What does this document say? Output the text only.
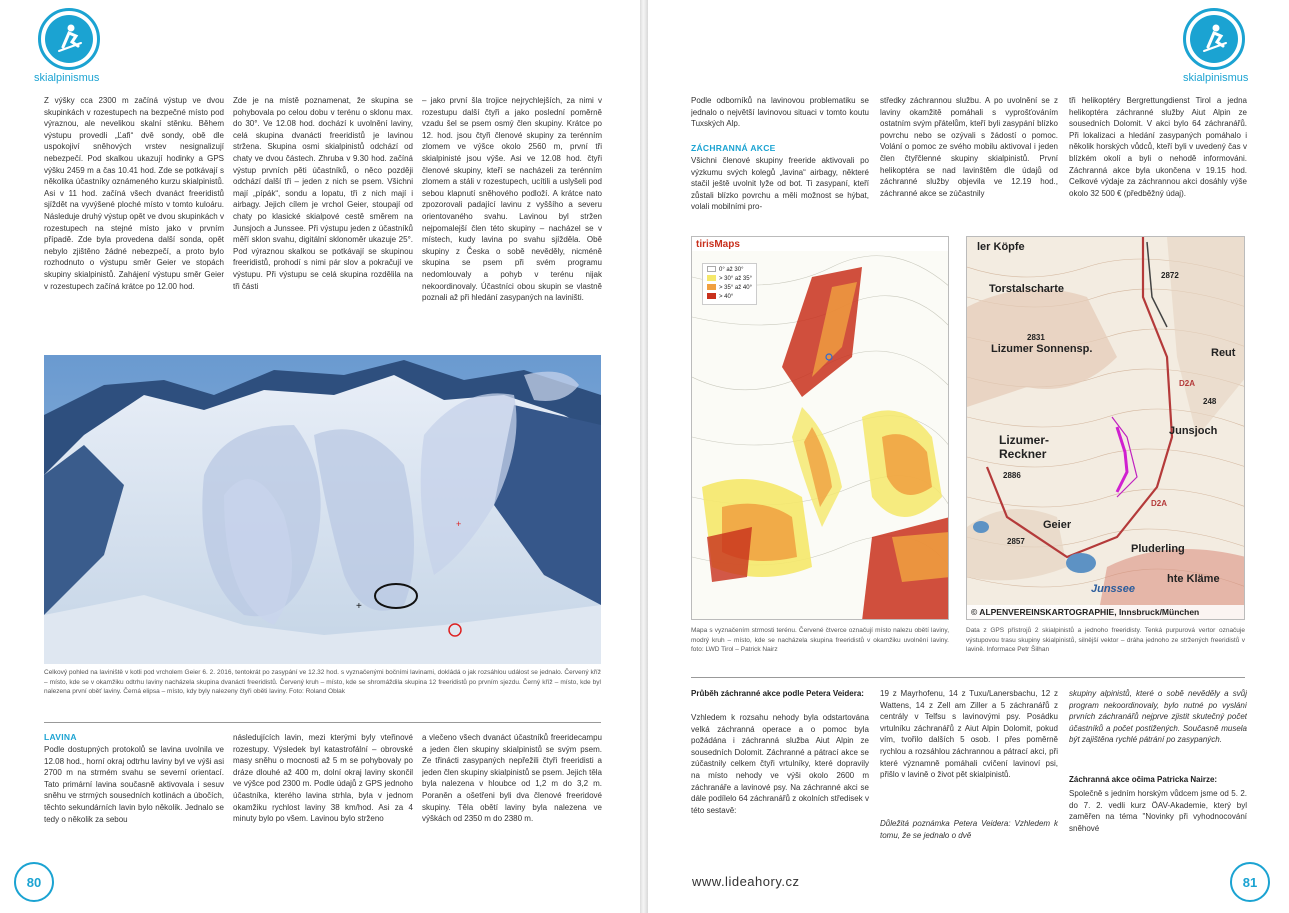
skialpinismus
Z výšky cca 2300 m začíná výstup ve dvou skupinkách v rozestupech na bezpečné místo pod výraznou, ale nevelikou skalní stěnku. Během výstupu provedli „Ľafi“ dvě sondy, obě dle uspokojiví sněhových vrstev nesignalizují nebezpečí. Pod skalkou ukazují hodinky a GPS výšku 2459 m a čas 10.41 hod. Zde se potkávají s několika účastníky oznámeného kurzu skialpinistů. Asi v 11 hod. začíná všech dvanáct freeridistů sjíždět na vyvýšené ploché místo v tomto kuloáru. Následuje druhý výstup opět ve dvou skupinkách v rozestupech na stejné místo jako v prvním případě. Zde byla provedena další sonda, opět nebylo zjištěno žádné nebezpečí, a proto bylo rozhodnuto o výstupu směr Geier ve stopách skupiny skialpinistů. Zahájení výstupu směr Geier v rozestupech začíná krátce po 12.00 hod.
Zde je na místě poznamenat, že skupina se pohybovala po celou dobu v terénu o sklonu max. do 30°. Ve 12.08 hod. dochází k uvolnění laviny, celá skupina dvanácti freeridistů je lavinou stržena. Skupina osmi skialpinistů odchází od chaty ve dvou částech. Zhruba v 9.30 hod. začíná výstup prvních pěti účastníků, o něco později odchází další tři – jeden z nich se psem. Všichni mají „pípák“, sondu a lopatu, tři z nich mají i airbagy. Jejich cílem je vrchol Geier, stoupají od chaty po klasické skialpové cestě směrem na Junsjoch a Junssee. Při výstupu jeden z účastníků měří sklon svahu, digitální sklonoměr ukazuje 25°. Pod výraznou skalkou se potkávají se skupinou freeridistů, prohodí s nimi pár slov a pokračují ve výstupu. Při výstupu se celá skupina rozdělila na tři části
– jako první šla trojice nejrychlejších, za nimi v rozestupu další čtyři a jako poslední poměrně vzadu šel se psem osmý člen skupiny. Krátce po 12. hod. jsou čtyři členové skupiny za terénním zlomem ve výšce okolo 2560 m, první tři skialpinisté jsou výše. Asi ve 12.08 hod. čtyři členové skupiny, kteří se nacházeli za terénním zlomem a stáli v rozestupech, ucítili a uslyšeli pod sebou klapnutí sněhového podloží. A krátce nato zpozorovali padající lavinu z vyššího a severu orientovaného svahu. Lavinou byl stržen nejpomalejší člen této skupiny – nacházel se v místech, kudy lavina po svahu sjížděla. Obě skupiny z Česka o sobě nevěděly, nicméně skupina se psem při svém programu nedomlouvaly a pohyb v terénu nijak nekoordinovaly. Účastníci obou skupin se vlastně poznali až při hledání zasypaných na laviništi.
+
+
Celkový pohled na laviniště v kotli pod vrcholem Geier 6. 2. 2016, tentokrát po zasypání ve 12.32 hod. s vyznačenými bočními lavinami, dokládá o jak rozsáhlou událost se jednalo. Červený kříž – místo, kde se v okamžiku odtrhu laviny nacházela skupina dvanácti freeridistů. Červený kruh – místo, kde se shromáždila skupina 12 freeridistů po prvním sjezdu. Černý kříž – místo, kde byl nalezena první oběť laviny. Černá elipsa – místo, kdy byly nalezeny čtyři oběti laviny. Foto: Roland Oblak
LAVINA
Podle dostupných protokolů se lavina uvolnila ve 12.08 hod., horní okraj odtrhu laviny byl ve výši asi 2700 m na strmém svahu se severní orientací. Tato primární lavina současně aktivovala i sesuv sněhu ve strmých sousedních kotlinách a úbočích, těchto sekundárních lavin bylo několik. Jednalo se tedy o několik za sebou
následujících lavin, mezi kterými byly vteřinové rozestupy. Výsledek byl katastrofální – obrovské masy sněhu o mocnosti až 5 m se pohybovaly po dráze dlouhé až 400 m, dolní okraj laviny skončil ve výšce pod 2300 m. Podle údajů z GPS jednoho účastníka, kterého lavina strhla, byla v jednom okamžiku rychlost laviny 38 km/hod. Asi za 4 minuty bylo po všem. Lavinou bylo strženo
a vlečeno všech dvanáct účastníků freeridecampu a jeden člen skupiny skialpinistů se svým psem. Ze třinácti zasypaných nepřežili čtyři freeridisti a jeden člen skupiny skialpinistů se psem. Jejich těla byla nalezena v hloubce od 1,2 m do 3,2 m. Poraněn a ošetřeni byli dva členové freeridové skupiny. Těla obětí laviny byla nalezena ve výškách od 2350 m do 2380 m.
80
skialpinismus
Podle odborníků na lavinovou problematiku se jednalo o největší lavinovou situaci v tomto koutu Tuxských Alp.
ZÁCHRANNÁ AKCE
Všichni členové skupiny freeride aktivovali po výzkumu svých kolegů „lavina“ airbagy, některé stačil ještě uvolnit lyže od bot. Ti zasypaní, kteří zůstali blízko povrchu a měli možnost se hýbat, volali mobilními pro-
středky záchrannou službu. A po uvolnění se z laviny okamžitě pomáhali s vyprošťováním ostatním svým přátelům, kteří byli zasypání blízko povrchu nebo se ozývali s žádostí o pomoc. Volání o pomoc ze svého mobilu aktivoval i jeden člen čtyřčlenné skupiny skialpinistů. První helikoptéra se nad lavinštěm dle údajů od záchranné služby objevila ve 12.19 hod., záchranné akce se zúčastnily
tři helikoptéry Bergrettungdienst Tirol a jedna helikoptéra záchranné služby Aiut Alpin ze sousedních Dolomit. V akci bylo 64 záchranářů. Při lokalizaci a hledání zasypaných pomáhalo i několik horských vůdců, kteří byli v uvedený čas v blízkém okolí a byli o nehodě informováni. Záchranná akce byla ukončena v 19.15 hod. Celkové výdaje za záchrannou akci dosáhly výše okolo 32 500 € (předběžný údaj).
tirisMaps
0° až 30°
> 30° až 35°
> 35° až 40°
> 40°
Mapa s vyznačením strmosti terénu. Červené čtverce označují místo nalezu obětí laviny, modrý kruh – místo, kde se nacházela skupina freeridistů v okamžiku uvolnění laviny. foto: LWD Tirol – Patrick Nairz
ler Köpfe
Torstalscharte
Lizumer Sonnensp.
Lizumer-Reckner
Junsjoch
Geier
Pluderling
Junssee
Reut
2857
2886
2831
2872
248
hte Kläme
D2A
D2A
© ALPENVEREINSKARTOGRAPHIE, Innsbruck/München
Data z GPS přístrojů 2 skialpinistů a jednoho freeridisty. Tenká purpurová vertor označuje výstupovou trasu skupiny skialpinistů, silnější vektor – dráha jednoho ze stržených freeridistů v lavině. Informace Petr Šilhan
Průběh záchranné akce podle Petera Veidera:
Vzhledem k rozsahu nehody byla odstartována velká záchranná operace a o pomoc byla požádána i záchranná služba Aiut Alpin ze sousedních Dolomit. Záchranné a pátrací akce se zúčastnily celkem čtyři vrtulníky, které dopravily na místo nehody ve výši okolo 2600 m záchranáře a lavinové psy. Na záchranné akci se dále podílelo 64 záchranářů z okolních středisek v této sestavě:
19 z Mayrhofenu, 14 z Tuxu/Lanersbachu, 12 z Wattens, 14 z Zell am Ziller a 5 záchranářů z centrály v Telfsu s lavinovými psy. Posádku vrtulníku záchranářů z Aiut Alpin Dolomit, pokud vím, tvořilo dalších 5 osob. I přes poměrně rychlou a rozsáhlou záchrannou a pátrací akci, při které významně pomáhali cvičení lavinoví psi, přišlo v lavině o život pět skialpinistů.
Důležitá poznámka Petera Veidera: Vzhledem k tomu, že se jednalo o dvě
skupiny alpinistů, které o sobě nevěděly a svůj program nekoordinovaly, bylo nutné po vyslání prvních záchranářů nejprve zjistit skutečný počet účastníků a počet postižených. Současně musela být zajištěna rychlé pátrání po zasypaných.
Záchranná akce očima Patricka Nairze:
Společně s jedním horským vůdcem jsme od 5. 2. do 7. 2. vedli kurz ÖAV-Akademie, který byl zaměřen na téma "Novinky při vyhodnocování sněhové
www.lideahory.cz	81
